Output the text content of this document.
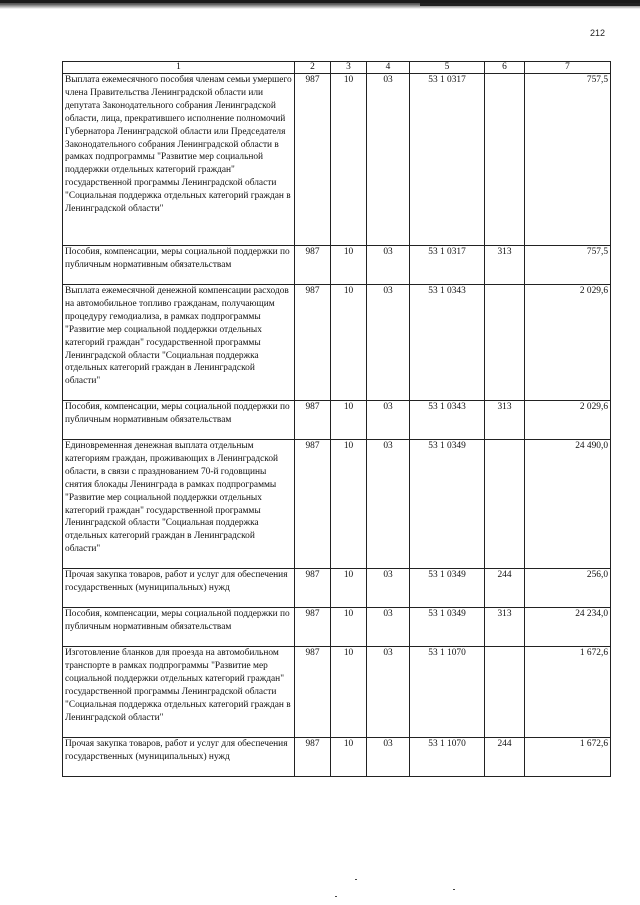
212
1	2	3	4	5	6	7
Выплата ежемесячного пособия членам семьи умершего члена Правительства Ленинградской области или депутата Законодательного собрания Ленинградской области, лица, прекратившего исполнение полномочий Губернатора Ленинградской области или Председателя Законодательного собрания Ленинградской области в рамках подпрограммы "Развитие мер социальной поддержки отдельных категорий граждан" государственной программы Ленинградской области "Социальная поддержка отдельных категорий граждан в Ленинградской области"	987	10	03	53 1 0317		757,5
Пособия, компенсации, меры социальной поддержки по публичным нормативным обязательствам	987	10	03	53 1 0317	313	757,5
Выплата ежемесячной денежной компенсации расходов на автомобильное топливо гражданам, получающим процедуру гемодиализа, в рамках подпрограммы "Развитие мер социальной поддержки отдельных категорий граждан" государственной программы Ленинградской области "Социальная поддержка отдельных категорий граждан в Ленинградской области"	987	10	03	53 1 0343		2 029,6
Пособия, компенсации, меры социальной поддержки по публичным нормативным обязательствам	987	10	03	53 1 0343	313	2 029,6
Единовременная денежная выплата отдельным категориям граждан, проживающих в Ленинградской области, в связи с празднованием 70-й годовщины снятия блокады Ленинграда в рамках подпрограммы "Развитие мер социальной поддержки отдельных категорий граждан" государственной программы Ленинградской области "Социальная поддержка отдельных категорий граждан в Ленинградской области"	987	10	03	53 1 0349		24 490,0
Прочая закупка товаров, работ и услуг для обеспечения государственных (муниципальных) нужд	987	10	03	53 1 0349	244	256,0
Пособия, компенсации, меры социальной поддержки по публичным нормативным обязательствам	987	10	03	53 1 0349	313	24 234,0
Изготовление бланков для проезда на автомобильном транспорте в рамках подпрограммы "Развитие мер социальной поддержки отдельных категорий граждан" государственной программы Ленинградской области "Социальная поддержка отдельных категорий граждан в Ленинградской области"	987	10	03	53 1 1070		1 672,6
Прочая закупка товаров, работ и услуг для обеспечения государственных (муниципальных) нужд	987	10	03	53 1 1070	244	1 672,6
